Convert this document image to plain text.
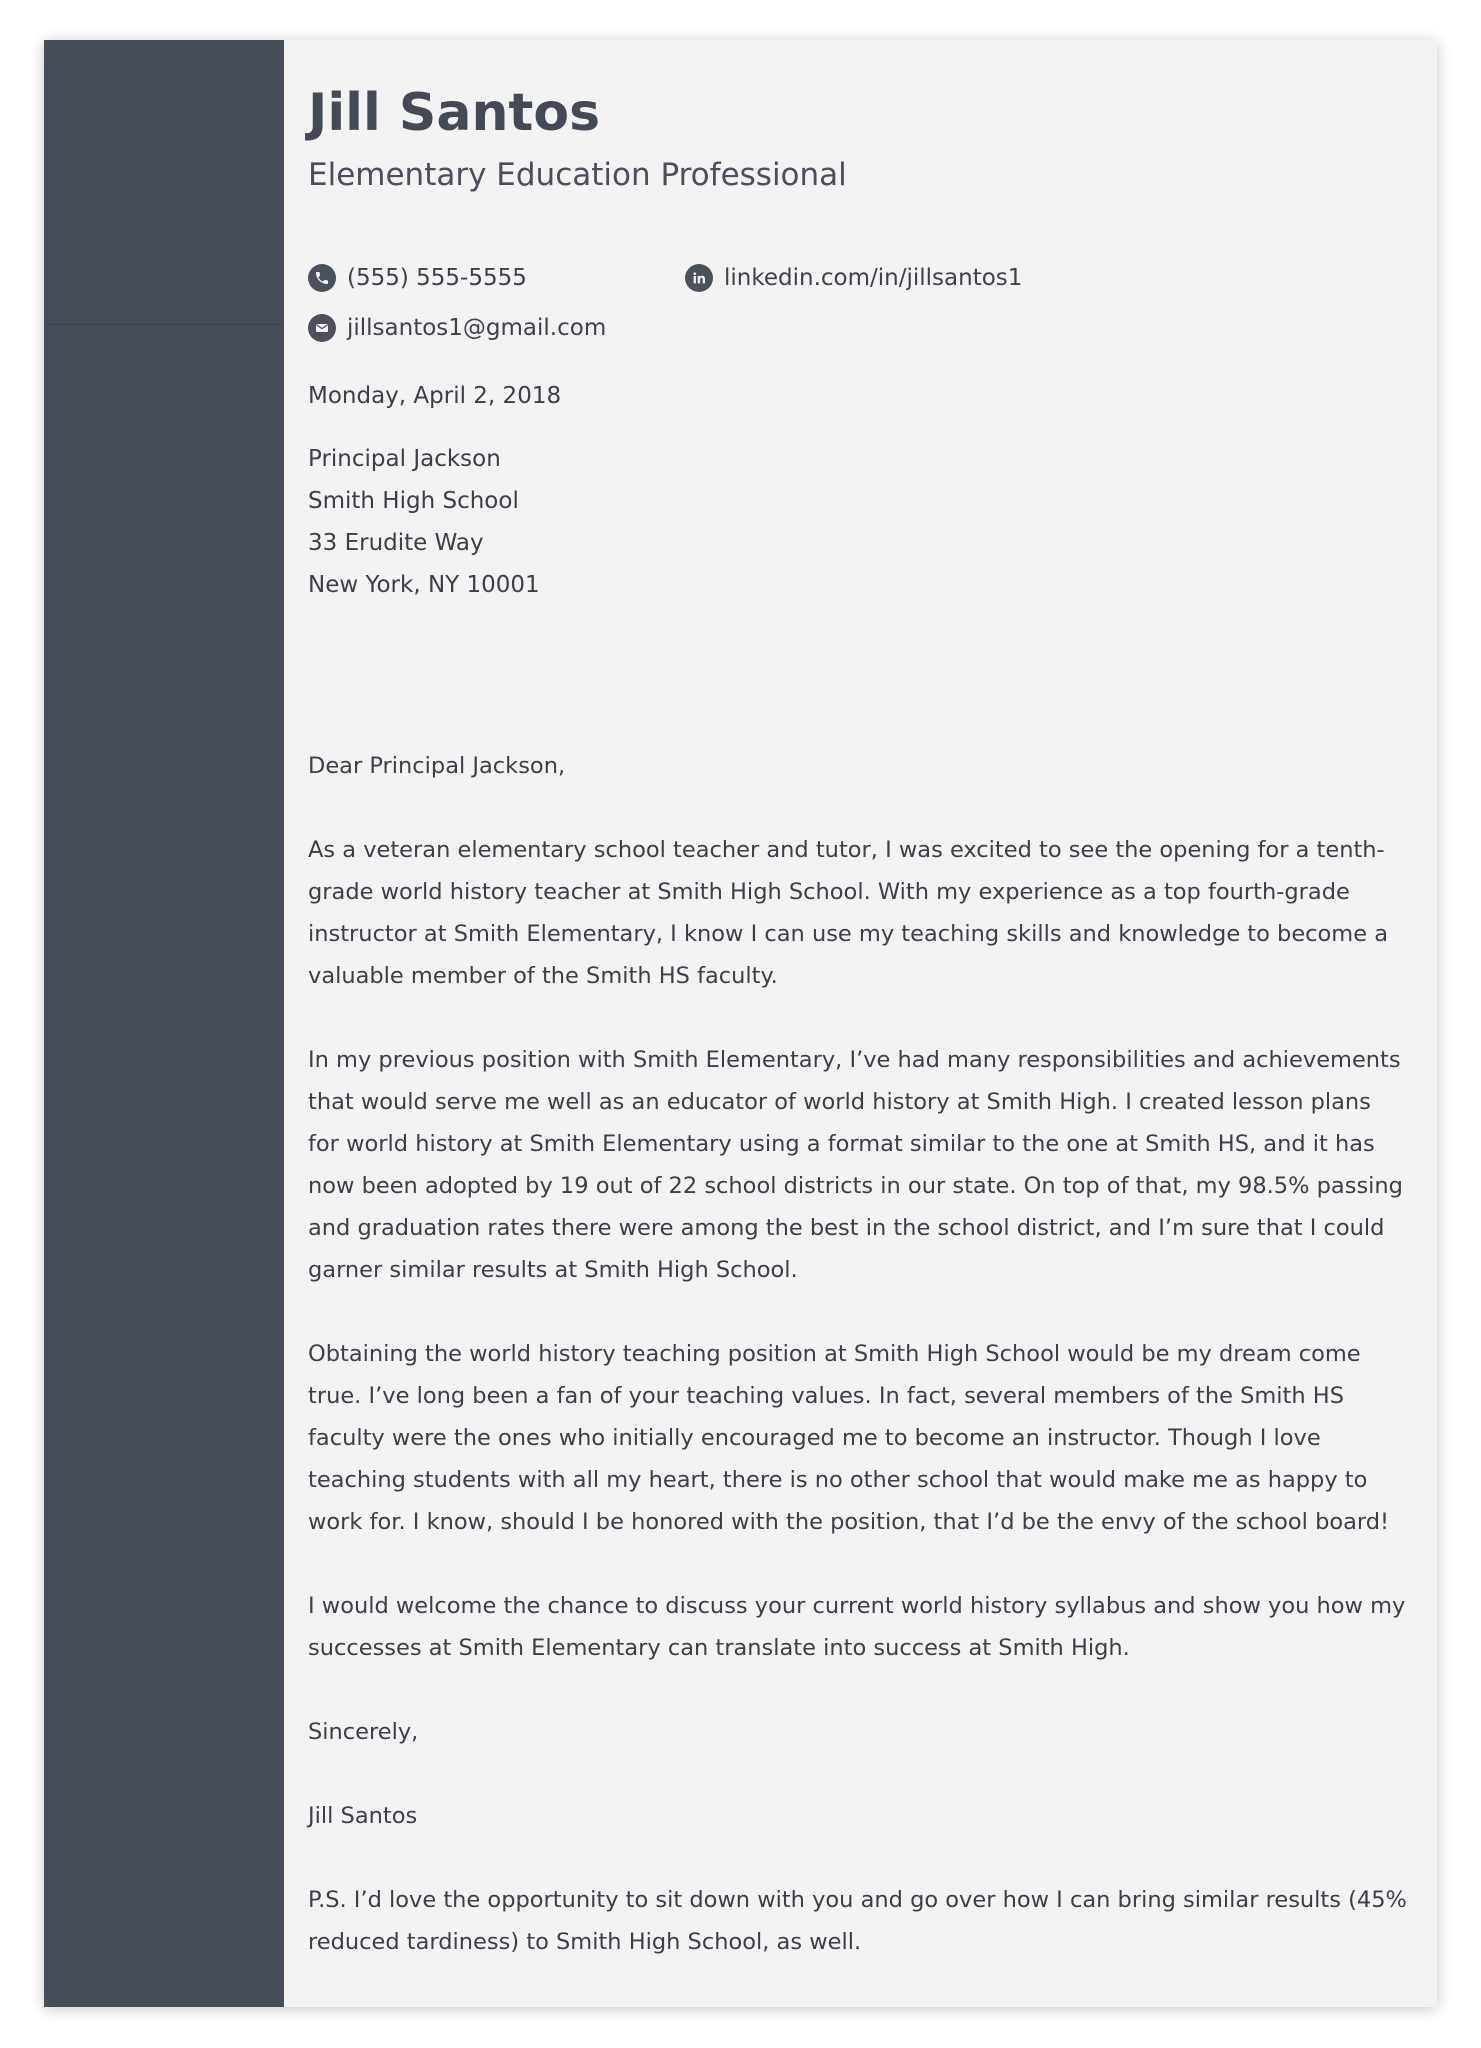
Jill Santos
Elementary Education Professional
(555) 555-5555	linkedin.com/in/jillsantos1
jillsantos1@gmail.com
Monday, April 2, 2018
Principal Jackson
Smith High School
33 Erudite Way
New York, NY 10001

Dear Principal Jackson,

As a veteran elementary school teacher and tutor, I was excited to see the opening for a tenth-grade world history teacher at Smith High School. With my experience as a top fourth-grade instructor at Smith Elementary, I know I can use my teaching skills and knowledge to become a valuable member of the Smith HS faculty.

In my previous position with Smith Elementary, I’ve had many responsibilities and achievements that would serve me well as an educator of world history at Smith High. I created lesson plans for world history at Smith Elementary using a format similar to the one at Smith HS, and it has now been adopted by 19 out of 22 school districts in our state. On top of that, my 98.5% passing and graduation rates there were among the best in the school district, and I’m sure that I could garner similar results at Smith High School.

Obtaining the world history teaching position at Smith High School would be my dream come true. I’ve long been a fan of your teaching values. In fact, several members of the Smith HS faculty were the ones who initially encouraged me to become an instructor. Though I love teaching students with all my heart, there is no other school that would make me as happy to work for. I know, should I be honored with the position, that I’d be the envy of the school board!

I would welcome the chance to discuss your current world history syllabus and show you how my successes at Smith Elementary can translate into success at Smith High.

Sincerely,

Jill Santos

P.S. I’d love the opportunity to sit down with you and go over how I can bring similar results (45% reduced tardiness) to Smith High School, as well.
